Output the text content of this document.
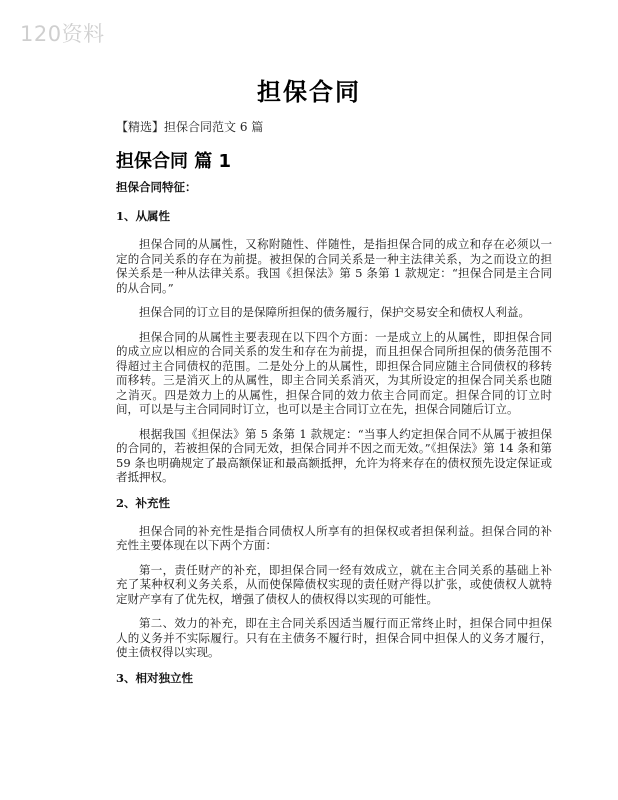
120资料

担保合同

【精选】担保合同范文 6 篇

担保合同 篇 1

担保合同特征：

1、从属性

担保合同的从属性，又称附随性、伴随性，是指担保合同的成立和存在必须以一定的合同关系的存在为前提。被担保的合同关系是一种主法律关系，为之而设立的担保关系是一种从法律关系。我国《担保法》第 5 条第 1 款规定：“担保合同是主合同的从合同。”

担保合同的订立目的是保障所担保的债务履行，保护交易安全和债权人利益。

担保合同的从属性主要表现在以下四个方面：一是成立上的从属性，即担保合同的成立应以相应的合同关系的发生和存在为前提，而且担保合同所担保的债务范围不得超过主合同债权的范围。二是处分上的从属性，即担保合同应随主合同债权的移转而移转。三是消灭上的从属性，即主合同关系消灭，为其所设定的担保合同关系也随之消灭。四是效力上的从属性，担保合同的效力依主合同而定。担保合同的订立时间，可以是与主合同同时订立，也可以是主合同订立在先，担保合同随后订立。

根据我国《担保法》第 5 条第 1 款规定：“当事人约定担保合同不从属于被担保的合同的，若被担保的合同无效，担保合同并不因之而无效。”《担保法》第 14 条和第 59 条也明确规定了最高额保证和最高额抵押，允许为将来存在的债权预先设定保证或者抵押权。

2、补充性

担保合同的补充性是指合同债权人所享有的担保权或者担保利益。担保合同的补充性主要体现在以下两个方面：

第一，责任财产的补充，即担保合同一经有效成立，就在主合同关系的基础上补充了某种权利义务关系，从而使保障债权实现的责任财产得以扩张，或使债权人就特定财产享有了优先权，增强了债权人的债权得以实现的可能性。

第二、效力的补充，即在主合同关系因适当履行而正常终止时，担保合同中担保人的义务并不实际履行。只有在主债务不履行时，担保合同中担保人的义务才履行，使主债权得以实现。

3、相对独立性
